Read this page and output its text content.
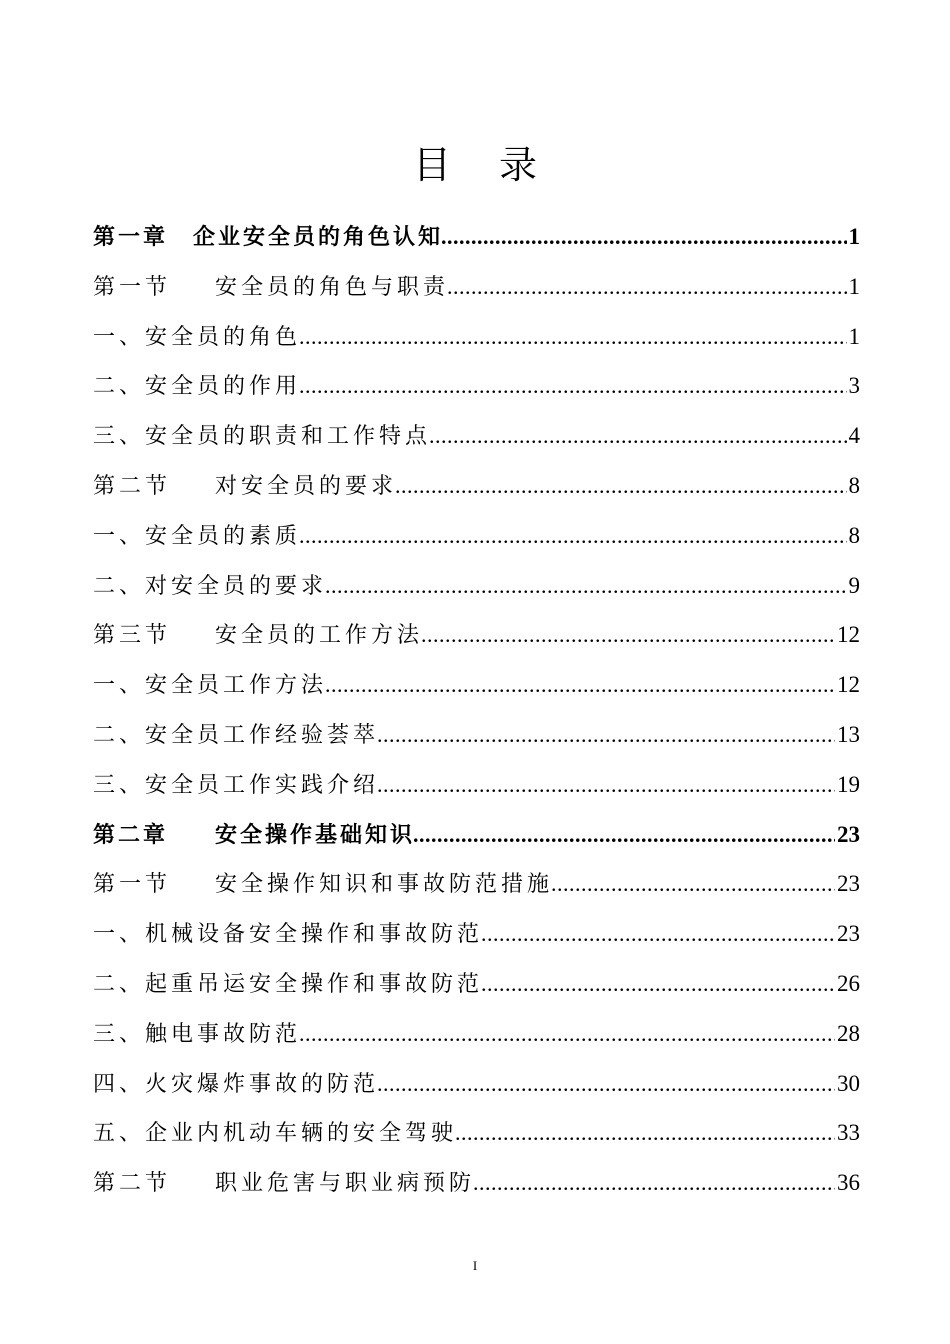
目 录
第一章 企业安全员的角色认知 .....	1
第一节 安全员的角色与职责 .....	1
一、安全员的角色 .....	1
二、安全员的作用 .....	3
三、安全员的职责和工作特点 .....	4
第二节 对安全员的要求 .....	8
一、安全员的素质 .....	8
二、对安全员的要求 .....	9
第三节 安全员的工作方法 .....	12
一、安全员工作方法 .....	12
二、安全员工作经验荟萃 .....	13
三、安全员工作实践介绍 .....	19
第二章 安全操作基础知识 .....	23
第一节 安全操作知识和事故防范措施 .....	23
一、机械设备安全操作和事故防范 .....	23
二、起重吊运安全操作和事故防范 .....	26
三、触电事故防范 .....	28
四、火灾爆炸事故的防范 .....	30
五、企业内机动车辆的安全驾驶 .....	33
第二节 职业危害与职业病预防 .....	36
I
